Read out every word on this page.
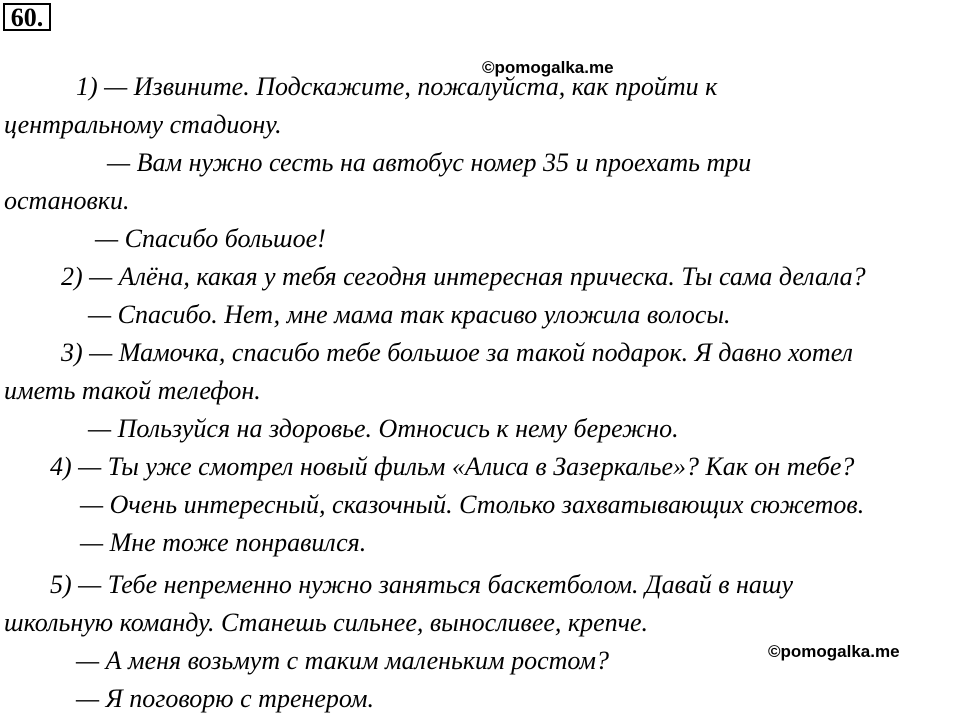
60.
©pomogalka.me
©pomogalka.me
1) — Извините. Подскажите, пожалуйста, как пройти к
центральному стадиону.
— Вам нужно сесть на автобус номер 35 и проехать три
остановки.
— Спасибо большое!
2) — Алёна, какая у тебя сегодня интересная прическа. Ты сама делала?
— Спасибо. Нет, мне мама так красиво уложила волосы.
3) — Мамочка, спасибо тебе большое за такой подарок. Я давно хотел
иметь такой телефон.
— Пользуйся на здоровье. Относись к нему бережно.
4) — Ты уже смотрел новый фильм «Алиса в Зазеркалье»? Как он тебе?
— Очень интересный, сказочный. Столько захватывающих сюжетов.
— Мне тоже понравился.
5) — Тебе непременно нужно заняться баскетболом. Давай в нашу
школьную команду. Станешь сильнее, выносливее, крепче.
— А меня возьмут с таким маленьким ростом?
— Я поговорю с тренером.
